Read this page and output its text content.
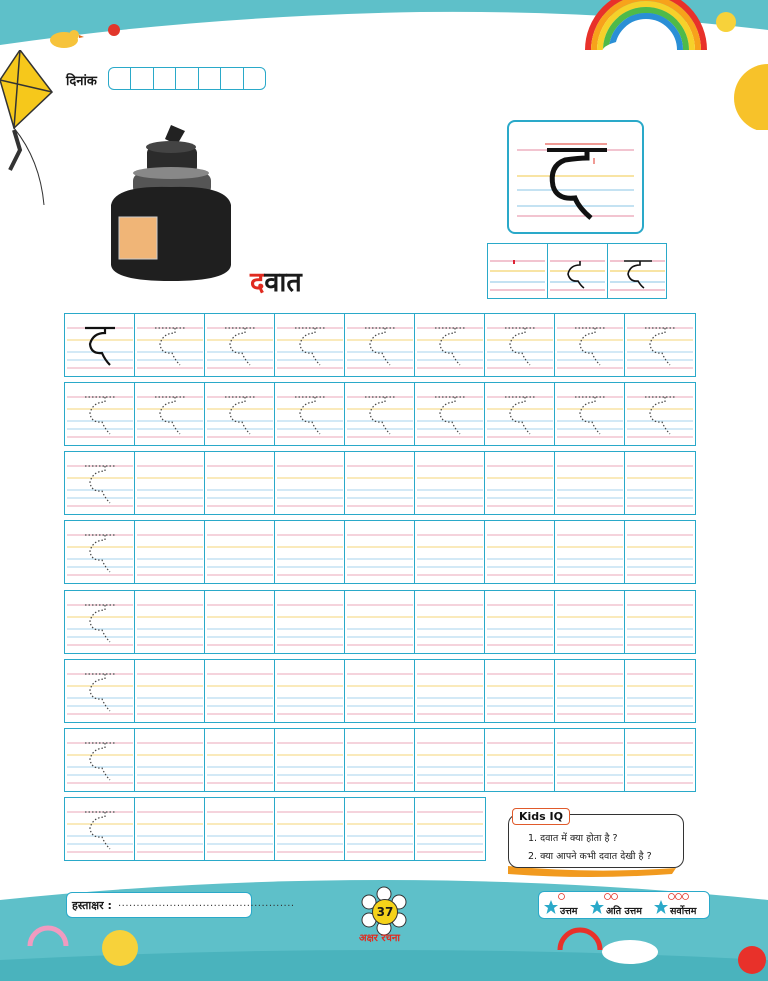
दिनांक
दवात
Kids IQ
1. दवात में क्या होता है ?
2. क्या आपने कभी दवात देखी है ?
हस्ताक्षर : ................................................
37
अक्षर रचना
उत्तम	अति उत्तम	सर्वोत्तम
